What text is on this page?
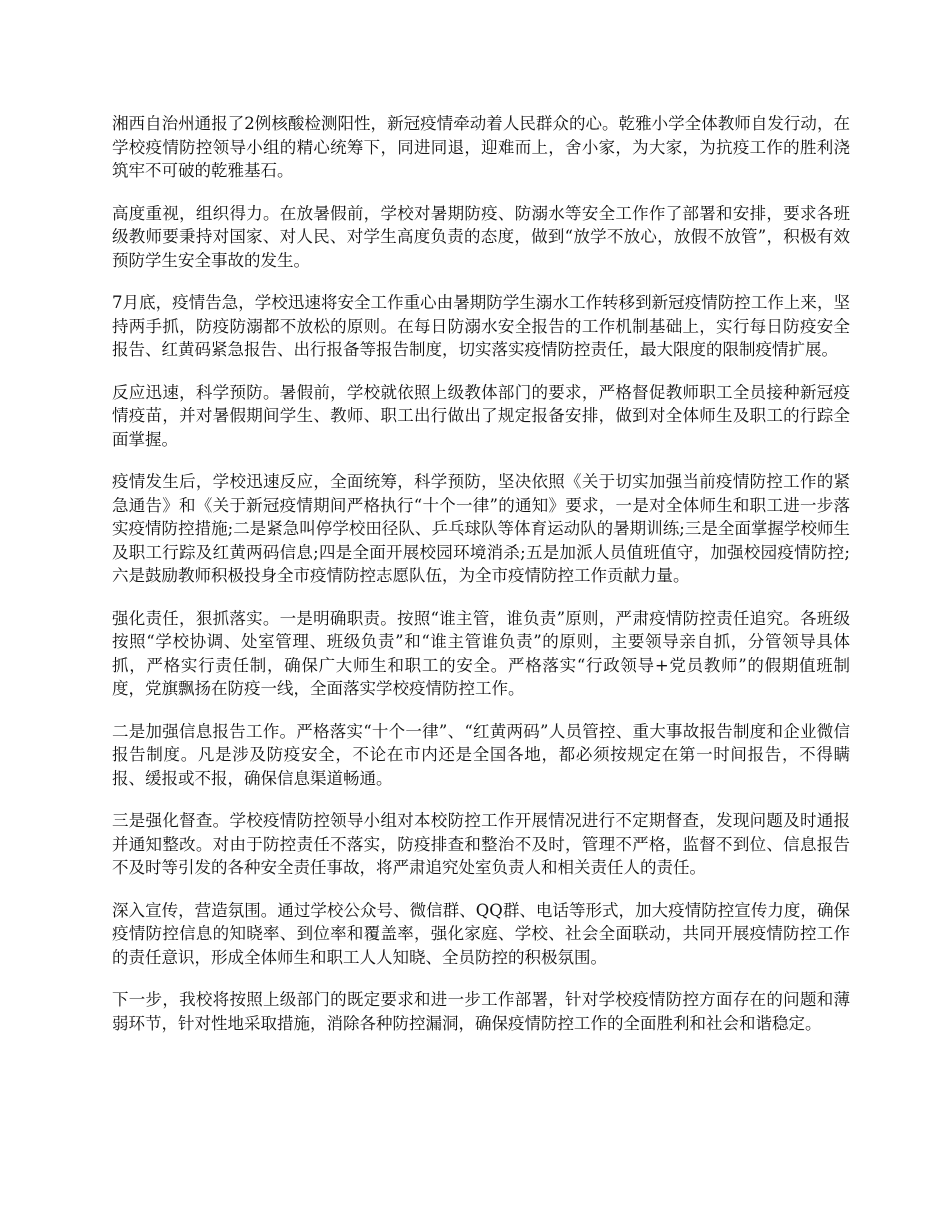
湘西自治州通报了2例核酸检测阳性，新冠疫情牵动着人民群众的心。乾雅小学全体教师自发行动，在学校疫情防控领导小组的精心统筹下，同进同退，迎难而上，舍小家，为大家，为抗疫工作的胜利浇筑牢不可破的乾雅基石。

高度重视，组织得力。在放暑假前，学校对暑期防疫、防溺水等安全工作作了部署和安排，要求各班级教师要秉持对国家、对人民、对学生高度负责的态度，做到“放学不放心，放假不放管”，积极有效预防学生安全事故的发生。

7月底，疫情告急，学校迅速将安全工作重心由暑期防学生溺水工作转移到新冠疫情防控工作上来，坚持两手抓，防疫防溺都不放松的原则。在每日防溺水安全报告的工作机制基础上，实行每日防疫安全报告、红黄码紧急报告、出行报备等报告制度，切实落实疫情防控责任，最大限度的限制疫情扩展。

反应迅速，科学预防。暑假前，学校就依照上级教体部门的要求，严格督促教师职工全员接种新冠疫情疫苗，并对暑假期间学生、教师、职工出行做出了规定报备安排，做到对全体师生及职工的行踪全面掌握。

疫情发生后，学校迅速反应，全面统筹，科学预防，坚决依照《关于切实加强当前疫情防控工作的紧急通告》和《关于新冠疫情期间严格执行“十个一律”的通知》要求，一是对全体师生和职工进一步落实疫情防控措施;二是紧急叫停学校田径队、乒乓球队等体育运动队的暑期训练;三是全面掌握学校师生及职工行踪及红黄两码信息;四是全面开展校园环境消杀;五是加派人员值班值守，加强校园疫情防控;六是鼓励教师积极投身全市疫情防控志愿队伍，为全市疫情防控工作贡献力量。

强化责任，狠抓落实。一是明确职责。按照“谁主管，谁负责”原则，严肃疫情防控责任追究。各班级按照“学校协调、处室管理、班级负责”和“谁主管谁负责”的原则，主要领导亲自抓，分管领导具体抓，严格实行责任制，确保广大师生和职工的安全。严格落实“行政领导+党员教师”的假期值班制度，党旗飘扬在防疫一线，全面落实学校疫情防控工作。

二是加强信息报告工作。严格落实“十个一律”、“红黄两码”人员管控、重大事故报告制度和企业微信报告制度。凡是涉及防疫安全，不论在市内还是全国各地，都必须按规定在第一时间报告，不得瞒报、缓报或不报，确保信息渠道畅通。

三是强化督查。学校疫情防控领导小组对本校防控工作开展情况进行不定期督查，发现问题及时通报并通知整改。对由于防控责任不落实，防疫排查和整治不及时，管理不严格，监督不到位、信息报告不及时等引发的各种安全责任事故，将严肃追究处室负责人和相关责任人的责任。

深入宣传，营造氛围。通过学校公众号、微信群、QQ群、电话等形式，加大疫情防控宣传力度，确保疫情防控信息的知晓率、到位率和覆盖率，强化家庭、学校、社会全面联动，共同开展疫情防控工作的责任意识，形成全体师生和职工人人知晓、全员防控的积极氛围。

下一步，我校将按照上级部门的既定要求和进一步工作部署，针对学校疫情防控方面存在的问题和薄弱环节，针对性地采取措施，消除各种防控漏洞，确保疫情防控工作的全面胜利和社会和谐稳定。
